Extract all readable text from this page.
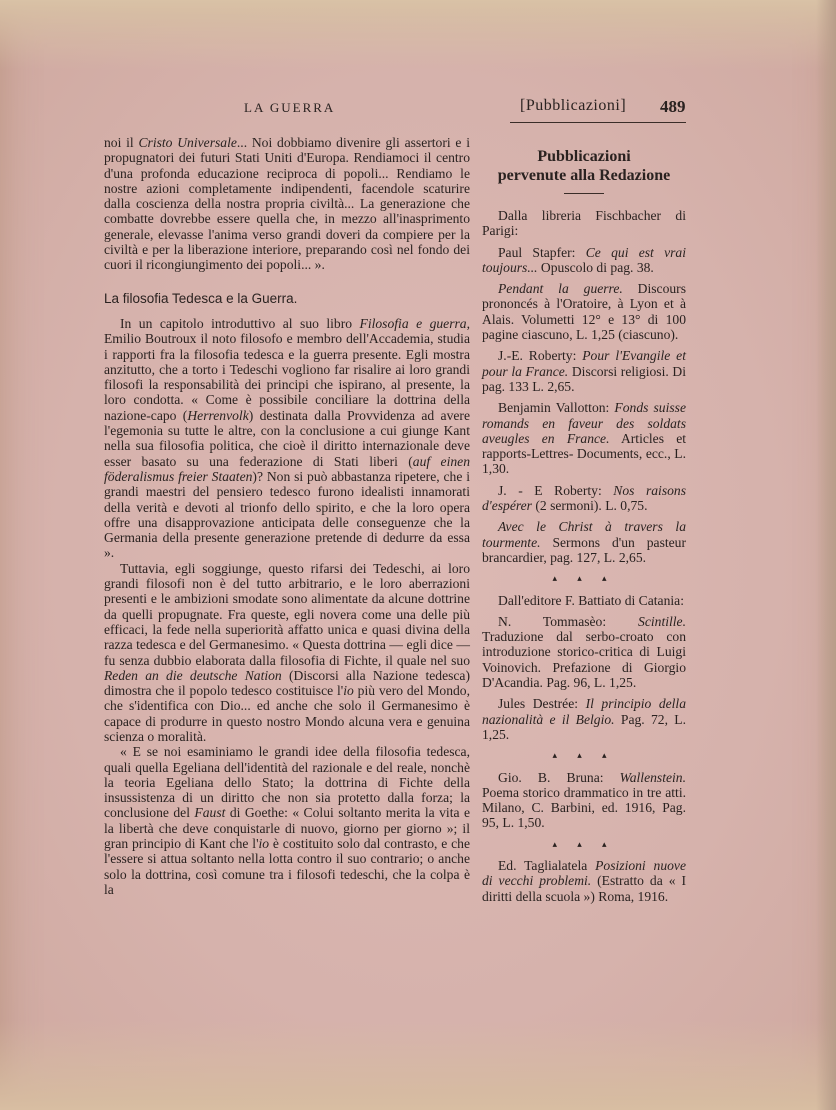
LA GUERRA	[Pubblicazioni] 489

noi il Cristo Universale... Noi dobbiamo divenire gli assertori e i propugnatori dei futuri Stati Uniti d'Europa. Rendiamoci il centro d'una profonda educazione reciproca di popoli... Rendiamo le nostre azioni completamente indipendenti, facendole scaturire dalla coscienza della nostra propria civiltà... La generazione che combatte dovrebbe essere quella che, in mezzo all'inasprimento generale, elevasse l'anima verso grandi doveri da compiere per la civiltà e per la liberazione interiore, preparando così nel fondo dei cuori il ricongiungimento dei popoli... ».

La filosofia Tedesca e la Guerra.

In un capitolo introduttivo al suo libro Filosofia e guerra, Emilio Boutroux il noto filosofo e membro dell'Accademia, studia i rapporti fra la filosofia tedesca e la guerra presente. Egli mostra anzitutto, che a torto i Tedeschi vogliono far risalire ai loro grandi filosofi la responsabilità dei principi che ispirano, al presente, la loro condotta. « Come è possibile conciliare la dottrina della nazione-capo (Herrenvolk) destinata dalla Provvidenza ad avere l'egemonia su tutte le altre, con la conclusione a cui giunge Kant nella sua filosofia politica, che cioè il diritto internazionale deve esser basato su una federazione di Stati liberi (auf einen föderalismus freier Staaten)? Non si può abbastanza ripetere, che i grandi maestri del pensiero tedesco furono idealisti innamorati della verità e devoti al trionfo dello spirito, e che la loro opera offre una disapprovazione anticipata delle conseguenze che la Germania della presente generazione pretende di dedurre da essa ».

Tuttavia, egli soggiunge, questo rifarsi dei Tedeschi, ai loro grandi filosofi non è del tutto arbitrario, e le loro aberrazioni presenti e le ambizioni smodate sono alimentate da alcune dottrine da quelli propugnate. Fra queste, egli novera come una delle più efficaci, la fede nella superiorità affatto unica e quasi divina della razza tedesca e del Germanesimo. « Questa dottrina — egli dice — fu senza dubbio elaborata dalla filosofia di Fichte, il quale nel suo Reden an die deutsche Nation (Discorsi alla Nazione tedesca) dimostra che il popolo tedesco costituisce l'io più vero del Mondo, che s'identifica con Dio... ed anche che solo il Germanesimo è capace di produrre in questo nostro Mondo alcuna vera e genuina scienza o moralità.

« E se noi esaminiamo le grandi idee della filosofia tedesca, quali quella Egeliana dell'identità del razionale e del reale, nonchè la teoria Egeliana dello Stato; la dottrina di Fichte della insussistenza di un diritto che non sia protetto dalla forza; la conclusione del Faust di Goethe: « Colui soltanto merita la vita e la libertà che deve conquistarle di nuovo, giorno per giorno »; il gran principio di Kant che l'io è costituito solo dal contrasto, e che l'essere si attua soltanto nella lotta contro il suo contrario; o anche solo la dottrina, così comune tra i filosofi tedeschi, che la colpa è la

Pubblicazioni
pervenute alla Redazione

Dalla libreria Fischbacher di Parigi:

Paul Stapfer: Ce qui est vrai toujours... Opuscolo di pag. 38.

Pendant la guerre. Discours prononcés à l'Oratoire, à Lyon et à Alais. Volumetti 12° e 13° di 100 pagine ciascuno, L. 1,25 (ciascuno).

J.-E. Roberty: Pour l'Evangile et pour la France. Discorsi religiosi. Di pag. 133 L. 2,65.

Benjamin Vallotton: Fonds suisse romands en faveur des soldats aveugles en France. Articles et rapports-Lettres- Documents, ecc., L. 1,30.

J. - E Roberty: Nos raisons d'espérer (2 sermoni). L. 0,75.

Avec le Christ à travers la tourmente. Sermons d'un pasteur brancardier, pag. 127, L. 2,65.

▴ ▴ ▴

Dall'editore F. Battiato di Catania:

N. Tommasèo: Scintille. Traduzione dal serbo-croato con introduzione storico-critica di Luigi Voinovich. Prefazione di Giorgio D'Acandia. Pag. 96, L. 1,25.

Jules Destrée: Il principio della nazionalità e il Belgio. Pag. 72, L. 1,25.

▴ ▴ ▴

Gio. B. Bruna: Wallenstein. Poema storico drammatico in tre atti. Milano, C. Barbini, ed. 1916, Pag. 95, L. 1,50.

▴ ▴ ▴

Ed. Taglialatela Posizioni nuove di vecchi problemi. (Estratto da « I diritti della scuola ») Roma, 1916.
